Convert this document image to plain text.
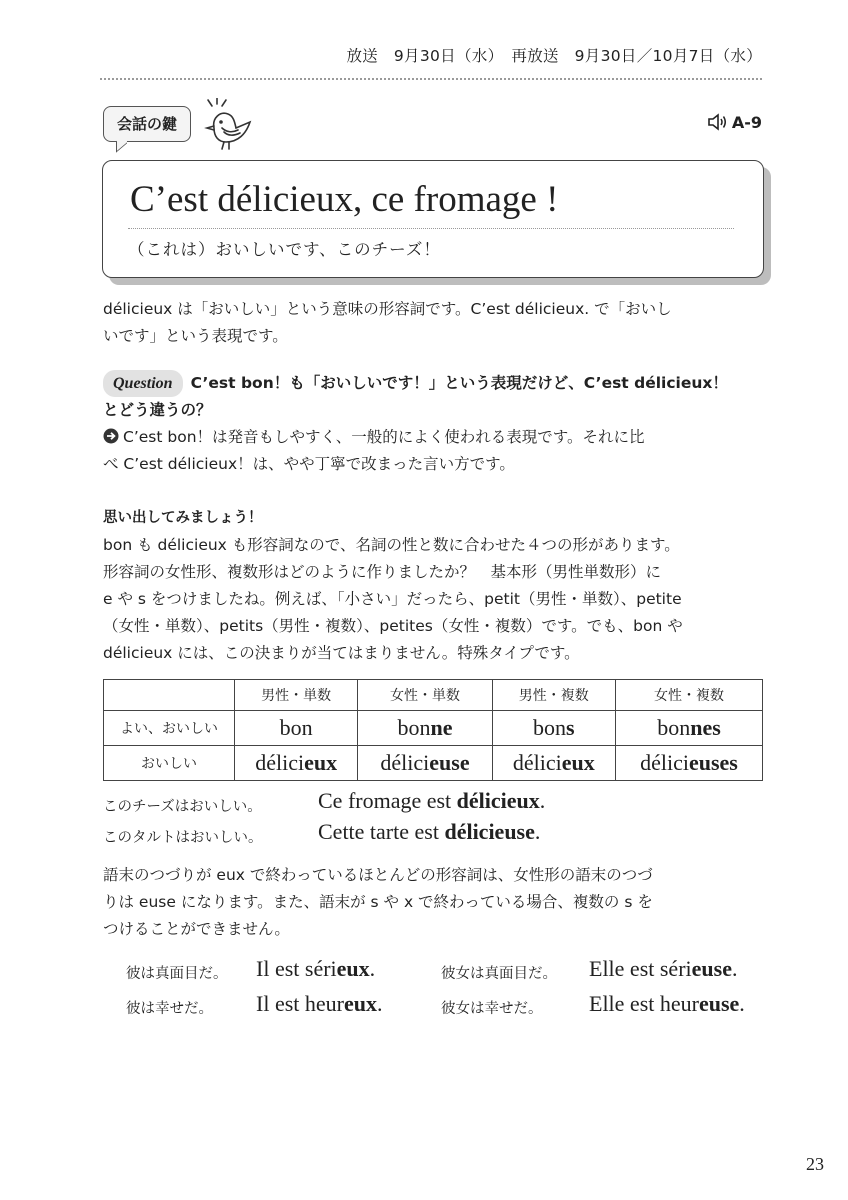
放送　9月30日（水）　再放送　9月30日／10月7日（水）
会話の鍵	A-9
C’est délicieux, ce fromage !
（これは）おいしいです、このチーズ！
délicieux は「おいしい」という意味の形容詞です。C’est délicieux. で「おいし
いです」という表現です。
Question C’est bon！も「おいしいです！」という表現だけど、C’est délicieux！
とどう違うの？
C’est bon！は発音もしやすく、一般的によく使われる表現です。それに比
べ C’est délicieux！は、やや丁寧で改まった言い方です。
思い出してみましょう！
bon も délicieux も形容詞なので、名詞の性と数に合わせた４つの形があります。
形容詞の女性形、複数形はどのように作りましたか？　基本形（男性単数形）に
e や s をつけましたね。例えば、「小さい」だったら、petit（男性・単数）、petite
（女性・単数）、petits（男性・複数）、petites（女性・複数）です。でも、bon や
délicieux には、この決まりが当てはまりません。特殊タイプです。
	男性・単数	女性・単数	男性・複数	女性・複数
よい、おいしい	bon	bonne	bons	bonnes
おいしい	délicieux	délicieuse	délicieux	délicieuses
このチーズはおいしい。	Ce fromage est délicieux.
このタルトはおいしい。	Cette tarte est délicieuse.
語末のつづりが eux で終わっているほとんどの形容詞は、女性形の語末のつづ
りは euse になります。また、語末が s や x で終わっている場合、複数の s を
つけることができません。
彼は真面目だ。 Il est sérieux.	彼女は真面目だ。 Elle est sérieuse.
彼は幸せだ。 Il est heureux.	彼女は幸せだ。 Elle est heureuse.
23
